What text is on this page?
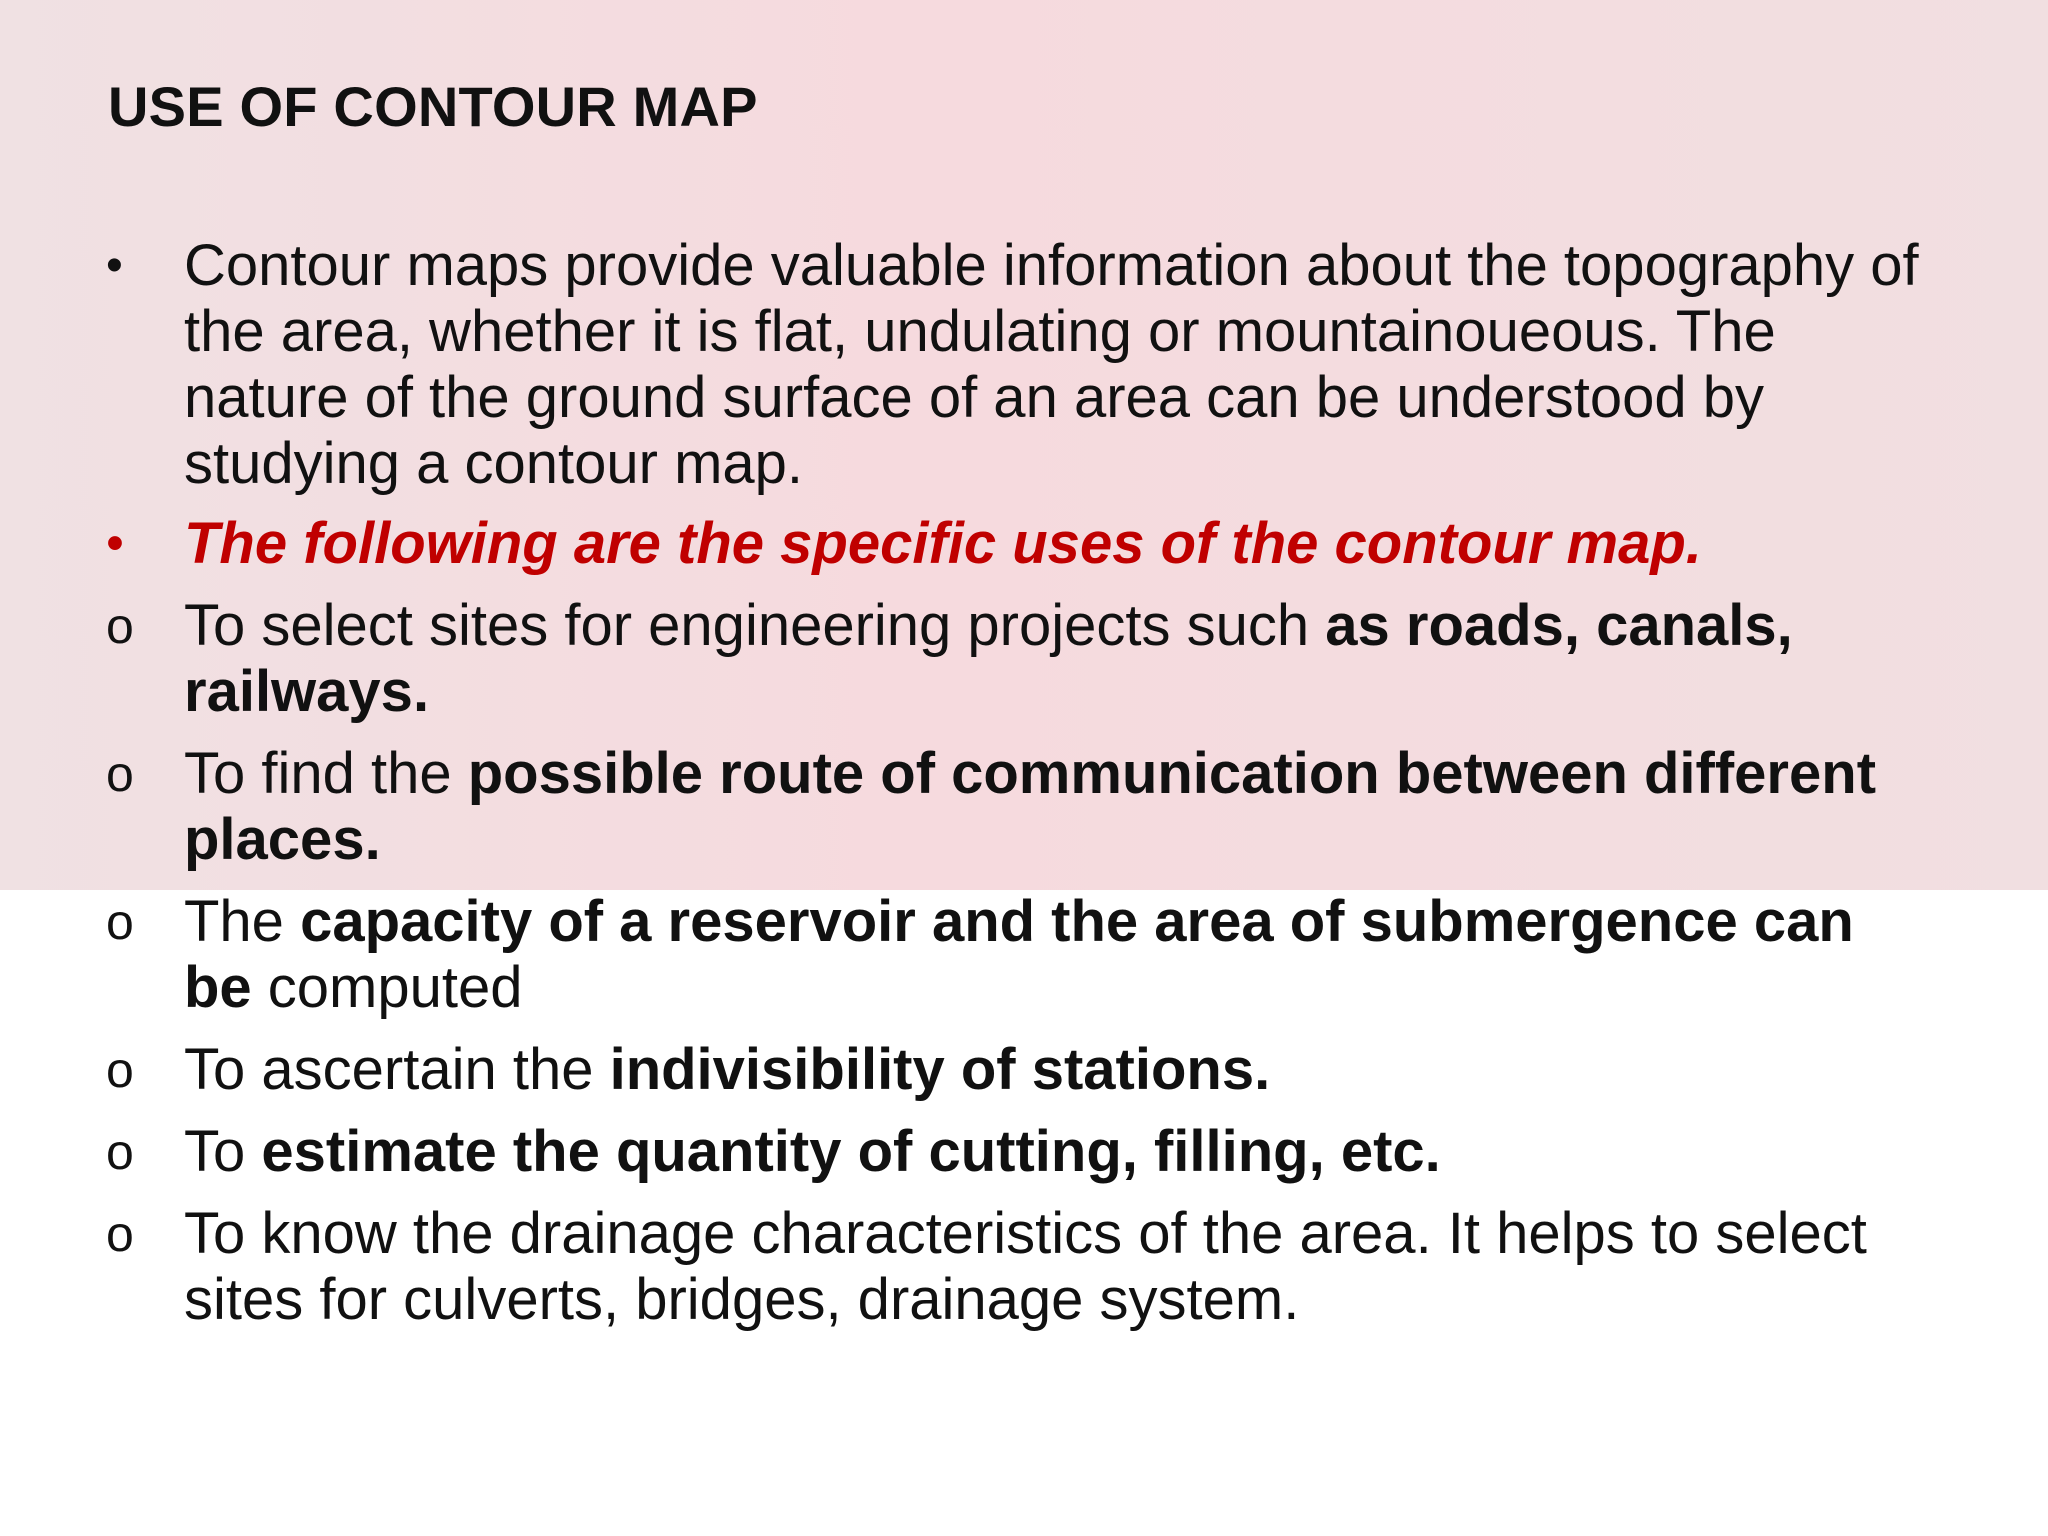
USE OF CONTOUR MAP
•	Contour maps provide valuable information about the topography of the area, whether it is flat, undulating or mountainoueous. The nature of the ground surface of an area can be understood by studying a contour map.
•	The following are the specific uses of the contour map.
o To select sites for engineering projects such as roads, canals, railways.
o To find the possible route of communication between different places.
o The capacity of a reservoir and the area of submergence can be computed
o To ascertain the indivisibility of stations.
o To estimate the quantity of cutting, filling, etc.
o To know the drainage characteristics of the area. It helps to select sites for culverts, bridges, drainage system.
